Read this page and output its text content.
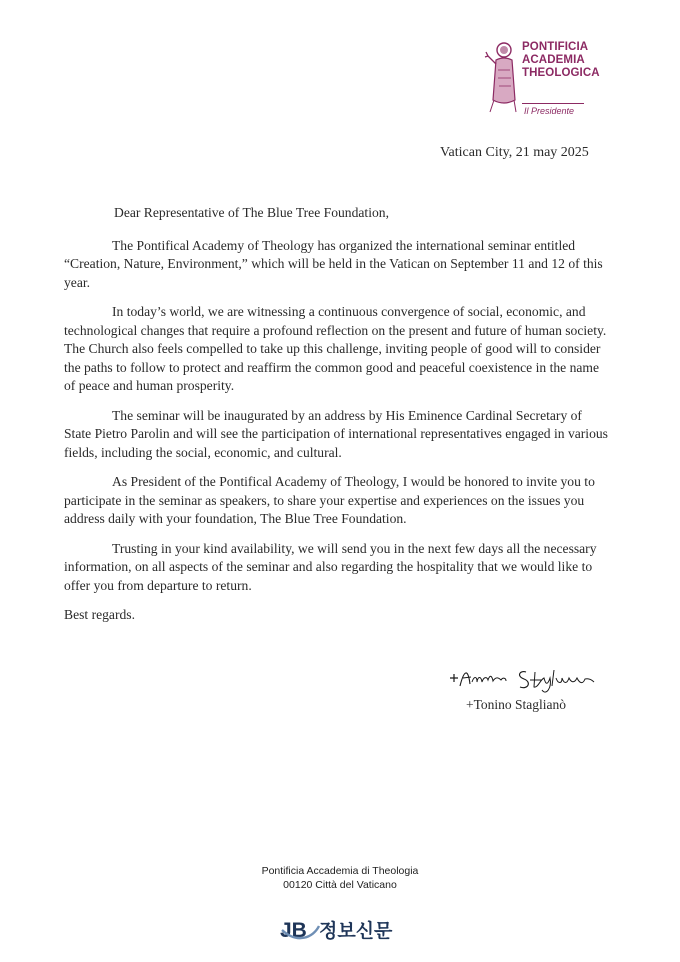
PONTIFICIA
ACADEMIA
THEOLOGICA
Il Presidente
Vatican City, 21 may 2025

Dear Representative of The Blue Tree Foundation,

The Pontifical Academy of Theology has organized the international seminar entitled “Creation, Nature, Environment,” which will be held in the Vatican on September 11 and 12 of this year.

In today’s world, we are witnessing a continuous convergence of social, economic, and technological changes that require a profound reflection on the present and future of human society. The Church also feels compelled to take up this challenge, inviting people of good will to consider the paths to follow to protect and reaffirm the common good and peaceful coexistence in the name of peace and human prosperity.

The seminar will be inaugurated by an address by His Eminence Cardinal Secretary of State Pietro Parolin and will see the participation of international representatives engaged in various fields, including the social, economic, and cultural.

As President of the Pontifical Academy of Theology, I would be honored to invite you to participate in the seminar as speakers, to share your expertise and experiences on the issues you address daily with your foundation, The Blue Tree Foundation.

Trusting in your kind availability, we will send you in the next few days all the necessary information, on all aspects of the seminar and also regarding the hospitality that we would like to offer you from departure to return.

Best regards.

+Tonino Staglianò
Pontificia Accademia di Theologia
00120 Città del Vaticano
JB 정보신문
